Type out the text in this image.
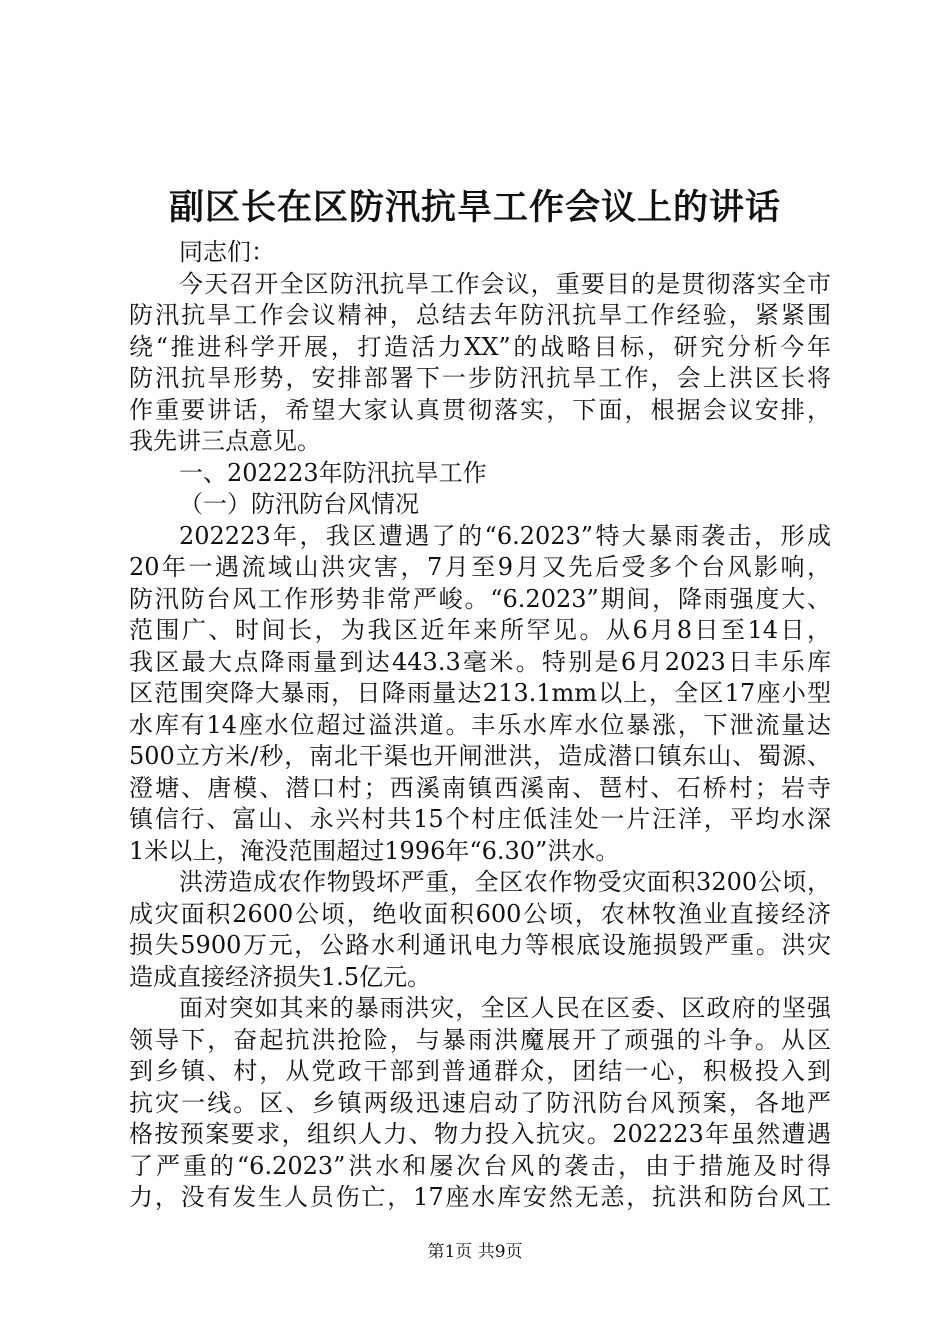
副区长在区防汛抗旱工作会议上的讲话
同志们：
今天召开全区防汛抗旱工作会议，重要目的是贯彻落实全市
防汛抗旱工作会议精神，总结去年防汛抗旱工作经验，紧紧围
绕“推进科学开展，打造活力XX”的战略目标，研究分析今年
防汛抗旱形势，安排部署下一步防汛抗旱工作，会上洪区长将
作重要讲话，希望大家认真贯彻落实，下面，根据会议安排，
我先讲三点意见。
一、202223年防汛抗旱工作
（一）防汛防台风情况
202223年，我区遭遇了的“6.2023”特大暴雨袭击，形成
20年一遇流域山洪灾害，7月至9月又先后受多个台风影响，
防汛防台风工作形势非常严峻。“6.2023”期间，降雨强度大、
范围广、时间长，为我区近年来所罕见。从6月8日至14日，
我区最大点降雨量到达443.3毫米。特别是6月2023日丰乐库
区范围突降大暴雨，日降雨量达213.1mm以上，全区17座小型
水库有14座水位超过溢洪道。丰乐水库水位暴涨，下泄流量达
500立方米/秒，南北干渠也开闸泄洪，造成潜口镇东山、蜀源、
澄塘、唐模、潜口村；西溪南镇西溪南、琶村、石桥村；岩寺
镇信行、富山、永兴村共15个村庄低洼处一片汪洋，平均水深
1米以上，淹没范围超过1996年“6.30”洪水。
洪涝造成农作物毁坏严重，全区农作物受灾面积3200公顷，
成灾面积2600公顷，绝收面积600公顷，农林牧渔业直接经济
损失5900万元，公路水利通讯电力等根底设施损毁严重。洪灾
造成直接经济损失1.5亿元。
面对突如其来的暴雨洪灾，全区人民在区委、区政府的坚强
领导下，奋起抗洪抢险，与暴雨洪魔展开了顽强的斗争。从区
到乡镇、村，从党政干部到普通群众，团结一心，积极投入到
抗灾一线。区、乡镇两级迅速启动了防汛防台风预案，各地严
格按预案要求，组织人力、物力投入抗灾。202223年虽然遭遇
了严重的“6.2023”洪水和屡次台风的袭击，由于措施及时得
力，没有发生人员伤亡，17座水库安然无恙，抗洪和防台风工
第1页 共9页
